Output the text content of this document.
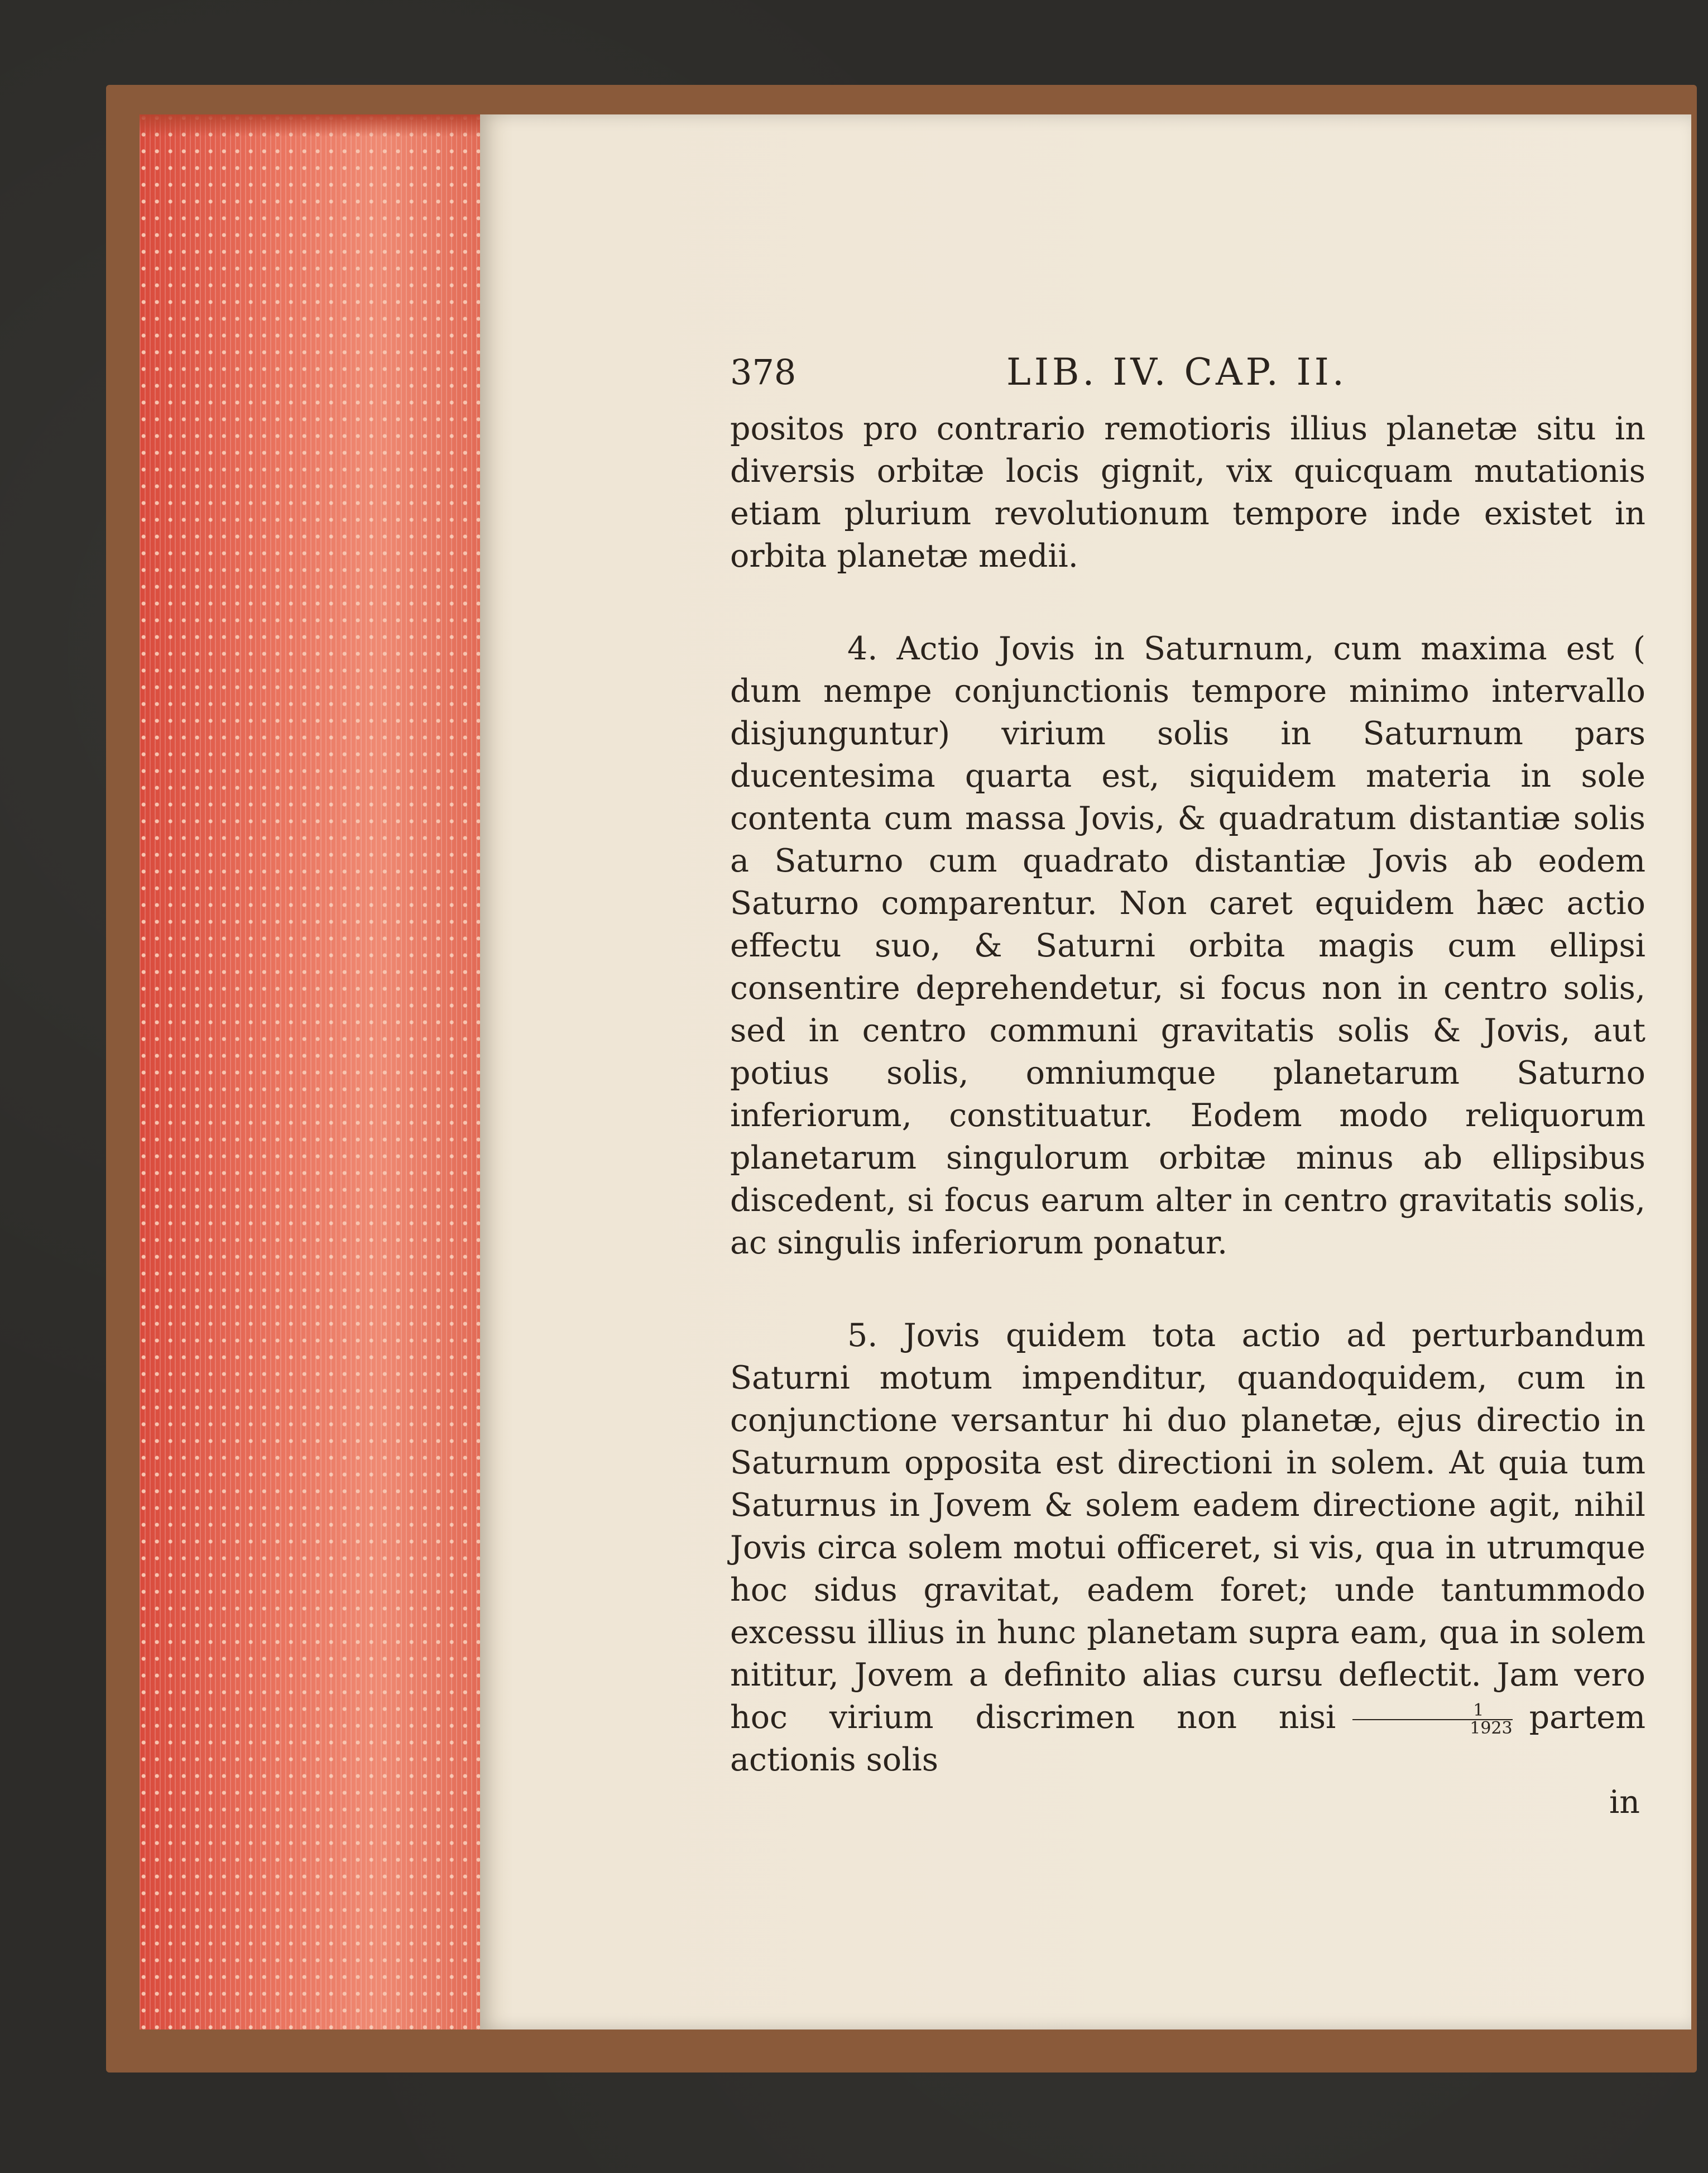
378	LIB. IV. CAP. II.

positos pro contrario remotioris illius planetæ situ in diversis orbitæ locis gignit, vix quicquam mutationis etiam plurium revolutionum tempore inde existet in orbita planetæ medii.

4. Actio Jovis in Saturnum, cum maxima est ( dum nempe conjunctionis tempore minimo intervallo disjunguntur) virium solis in Saturnum pars ducentesima quarta est, siquidem materia in sole contenta cum massa Jovis, & quadratum distantiæ solis a Saturno cum quadrato distantiæ Jovis ab eodem Saturno comparentur. Non caret equidem hæc actio effectu suo, & Saturni orbita magis cum ellipsi consentire deprehendetur, si focus non in centro solis, sed in centro communi gravitatis solis & Jovis, aut potius solis, omniumque planetarum Saturno inferiorum, constituatur. Eodem modo reliquorum planetarum singulorum orbitæ minus ab ellipsibus discedent, si focus earum alter in centro gravitatis solis, ac singulis inferiorum ponatur.

5. Jovis quidem tota actio ad perturbandum Saturni motum impenditur, quandoquidem, cum in conjunctione versantur hi duo planetæ, ejus directio in Saturnum opposita est directioni in solem. At quia tum Saturnus in Jovem & solem eadem directione agit, nihil Jovis circa solem motui officeret, si vis, qua in utrumque hoc sidus gravitat, eadem foret; unde tantummodo excessu illius in hunc planetam supra eam, qua in solem nititur, Jovem a definito alias cursu deflectit. Jam vero hoc virium discrimen non nisi $\frac{1}{1923}$ partem actionis solis

in
